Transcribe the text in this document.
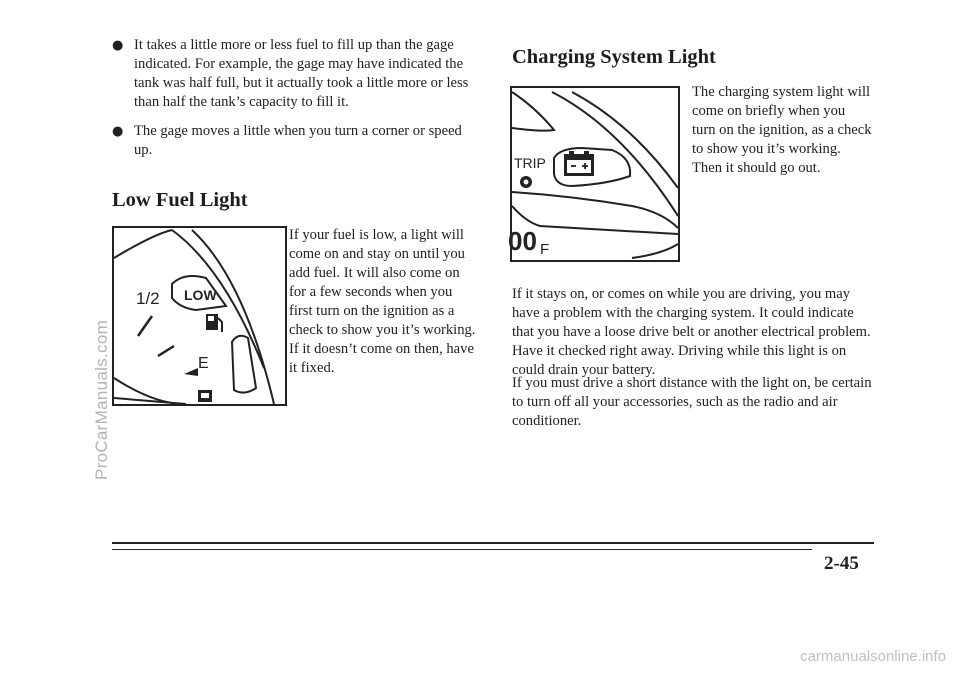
● It takes a little more or less fuel to fill up than the gage indicated. For example, the gage may have indicated the tank was half full, but it actually took a little more or less than half the tank’s capacity to fill it.
● The gage moves a little when you turn a corner or speed up.
Low Fuel Light
1/2 LOW
E

If your fuel is low, a light will come on and stay on until you add fuel. It will also come on for a few seconds when you first turn on the ignition as a check to show you it’s working. If it doesn’t come on then, have it fixed.

Charging System Light
TRIP
00 F

The charging system light will come on briefly when you turn on the ignition, as a check to show you it’s working. Then it should go out.

If it stays on, or comes on while you are driving, you may have a problem with the charging system. It could indicate that you have a loose drive belt or another electrical problem. Have it checked right away. Driving while this light is on could drain your battery.

If you must drive a short distance with the light on, be certain to turn off all your accessories, such as the radio and air conditioner.

2-45
ProCarManuals.com
carmanualsonline.info
